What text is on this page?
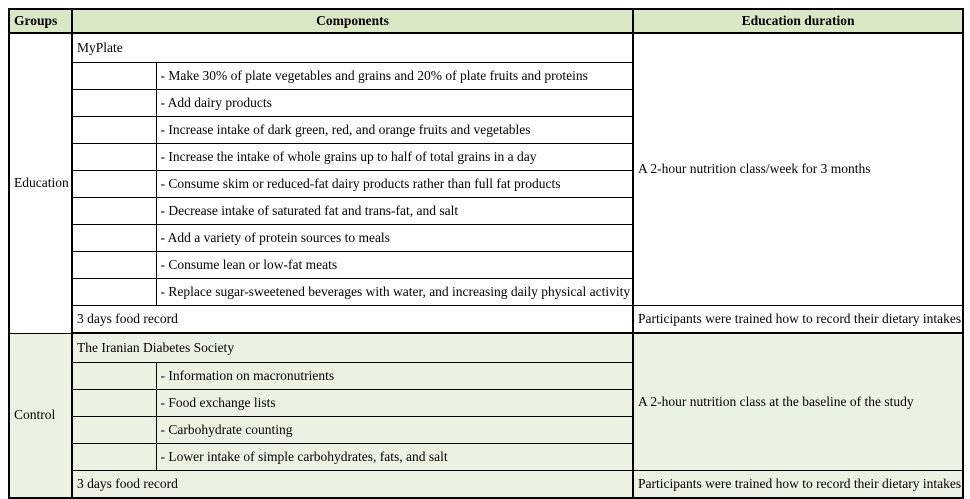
Groups	Components		Education duration
Education	MyPlate		A 2-hour nutrition class/week for 3 months
		- Make 30% of plate vegetables and grains and 20% of plate fruits and proteins	
		- Add dairy products	
		- Increase intake of dark green, red, and orange fruits and vegetables	
		- Increase the intake of whole grains up to half of total grains in a day	
		- Consume skim or reduced-fat dairy products rather than full fat products	
		- Decrease intake of saturated fat and trans-fat, and salt	
		- Add a variety of protein sources to meals	
		- Consume lean or low-fat meats	
		- Replace sugar-sweetened beverages with water, and increasing daily physical activity	
	3 days food record		Participants were trained how to record their dietary intakes
Control	The Iranian Diabetes Society		A 2-hour nutrition class at the baseline of the study
		- Information on macronutrients	
		- Food exchange lists	
		- Carbohydrate counting	
		- Lower intake of simple carbohydrates, fats, and salt	
	3 days food record		Participants were trained how to record their dietary intakes
